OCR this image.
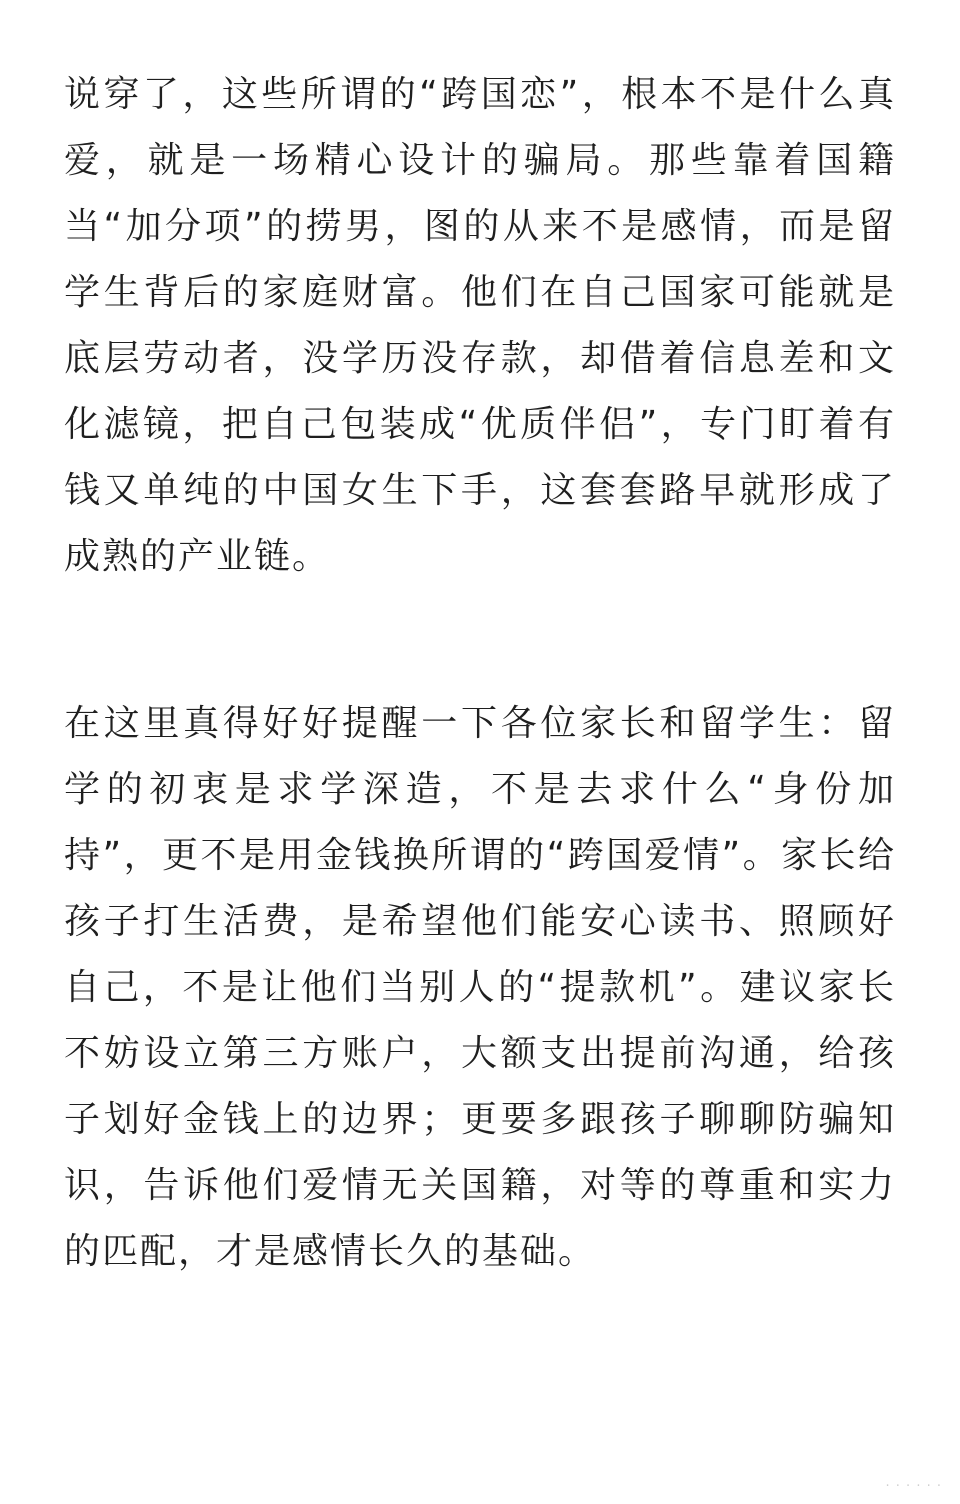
说穿了，这些所谓的“跨国恋”，根本不是什么真爱，就是一场精心设计的骗局。那些靠着国籍当“加分项”的捞男，图的从来不是感情，而是留学生背后的家庭财富。他们在自己国家可能就是底层劳动者，没学历没存款，却借着信息差和文化滤镜，把自己包装成“优质伴侣”，专门盯着有钱又单纯的中国女生下手，这套套路早就形成了成熟的产业链。

在这里真得好好提醒一下各位家长和留学生：留学的初衷是求学深造，不是去求什么“身份加持”，更不是用金钱换所谓的“跨国爱情”。家长给孩子打生活费，是希望他们能安心读书、照顾好自己，不是让他们当别人的“提款机”。建议家长不妨设立第三方账户，大额支出提前沟通，给孩子划好金钱上的边界；更要多跟孩子聊聊防骗知识，告诉他们爱情无关国籍，对等的尊重和实力的匹配，才是感情长久的基础。

· · · · · ·
